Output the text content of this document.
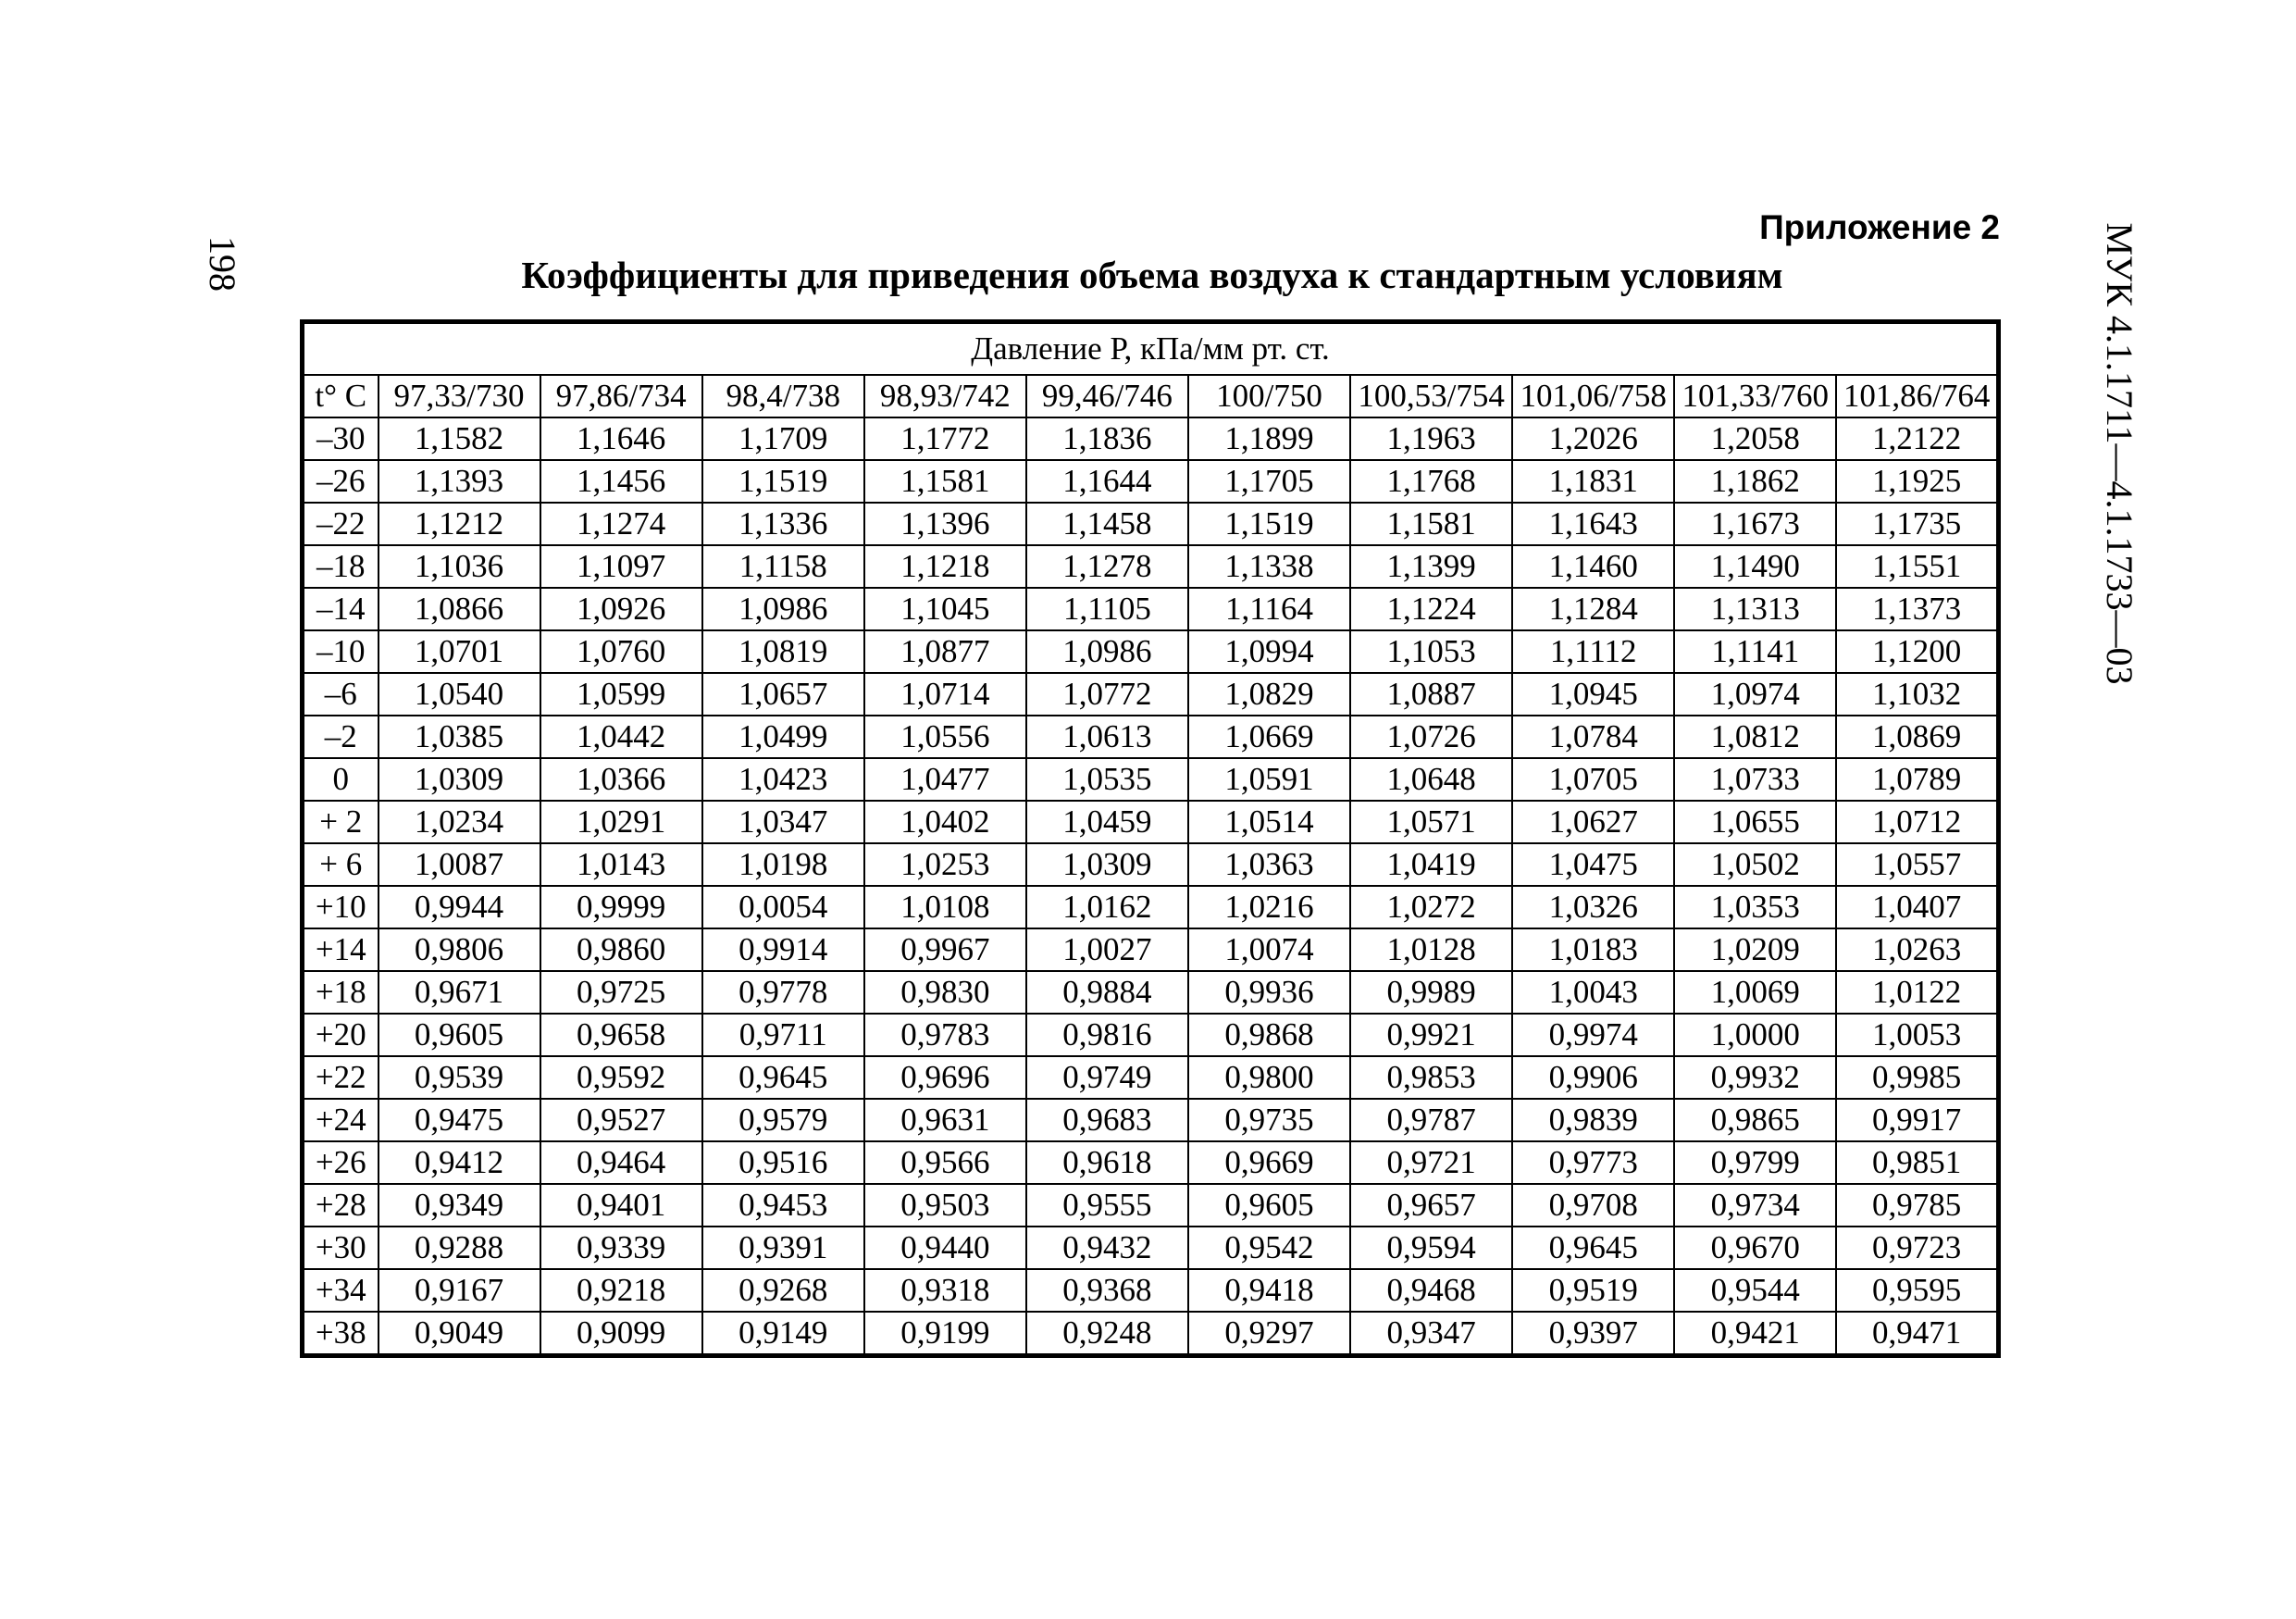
198	МУК 4.1.1711—4.1.1733—03
Приложение 2
Коэффициенты для приведения объема воздуха к стандартным условиям
Давление Р, кПа/мм рт. ст.										
t° С	97,33/730	97,86/734	98,4/738	98,93/742	99,46/746	100/750	100,53/754	101,06/758	101,33/760	101,86/764
–30	1,1582	1,1646	1,1709	1,1772	1,1836	1,1899	1,1963	1,2026	1,2058	1,2122
–26	1,1393	1,1456	1,1519	1,1581	1,1644	1,1705	1,1768	1,1831	1,1862	1,1925
–22	1,1212	1,1274	1,1336	1,1396	1,1458	1,1519	1,1581	1,1643	1,1673	1,1735
–18	1,1036	1,1097	1,1158	1,1218	1,1278	1,1338	1,1399	1,1460	1,1490	1,1551
–14	1,0866	1,0926	1,0986	1,1045	1,1105	1,1164	1,1224	1,1284	1,1313	1,1373
–10	1,0701	1,0760	1,0819	1,0877	1,0986	1,0994	1,1053	1,1112	1,1141	1,1200
–6	1,0540	1,0599	1,0657	1,0714	1,0772	1,0829	1,0887	1,0945	1,0974	1,1032
–2	1,0385	1,0442	1,0499	1,0556	1,0613	1,0669	1,0726	1,0784	1,0812	1,0869
0	1,0309	1,0366	1,0423	1,0477	1,0535	1,0591	1,0648	1,0705	1,0733	1,0789
+ 2	1,0234	1,0291	1,0347	1,0402	1,0459	1,0514	1,0571	1,0627	1,0655	1,0712
+ 6	1,0087	1,0143	1,0198	1,0253	1,0309	1,0363	1,0419	1,0475	1,0502	1,0557
+10	0,9944	0,9999	0,0054	1,0108	1,0162	1,0216	1,0272	1,0326	1,0353	1,0407
+14	0,9806	0,9860	0,9914	0,9967	1,0027	1,0074	1,0128	1,0183	1,0209	1,0263
+18	0,9671	0,9725	0,9778	0,9830	0,9884	0,9936	0,9989	1,0043	1,0069	1,0122
+20	0,9605	0,9658	0,9711	0,9783	0,9816	0,9868	0,9921	0,9974	1,0000	1,0053
+22	0,9539	0,9592	0,9645	0,9696	0,9749	0,9800	0,9853	0,9906	0,9932	0,9985
+24	0,9475	0,9527	0,9579	0,9631	0,9683	0,9735	0,9787	0,9839	0,9865	0,9917
+26	0,9412	0,9464	0,9516	0,9566	0,9618	0,9669	0,9721	0,9773	0,9799	0,9851
+28	0,9349	0,9401	0,9453	0,9503	0,9555	0,9605	0,9657	0,9708	0,9734	0,9785
+30	0,9288	0,9339	0,9391	0,9440	0,9432	0,9542	0,9594	0,9645	0,9670	0,9723
+34	0,9167	0,9218	0,9268	0,9318	0,9368	0,9418	0,9468	0,9519	0,9544	0,9595
+38	0,9049	0,9099	0,9149	0,9199	0,9248	0,9297	0,9347	0,9397	0,9421	0,9471
